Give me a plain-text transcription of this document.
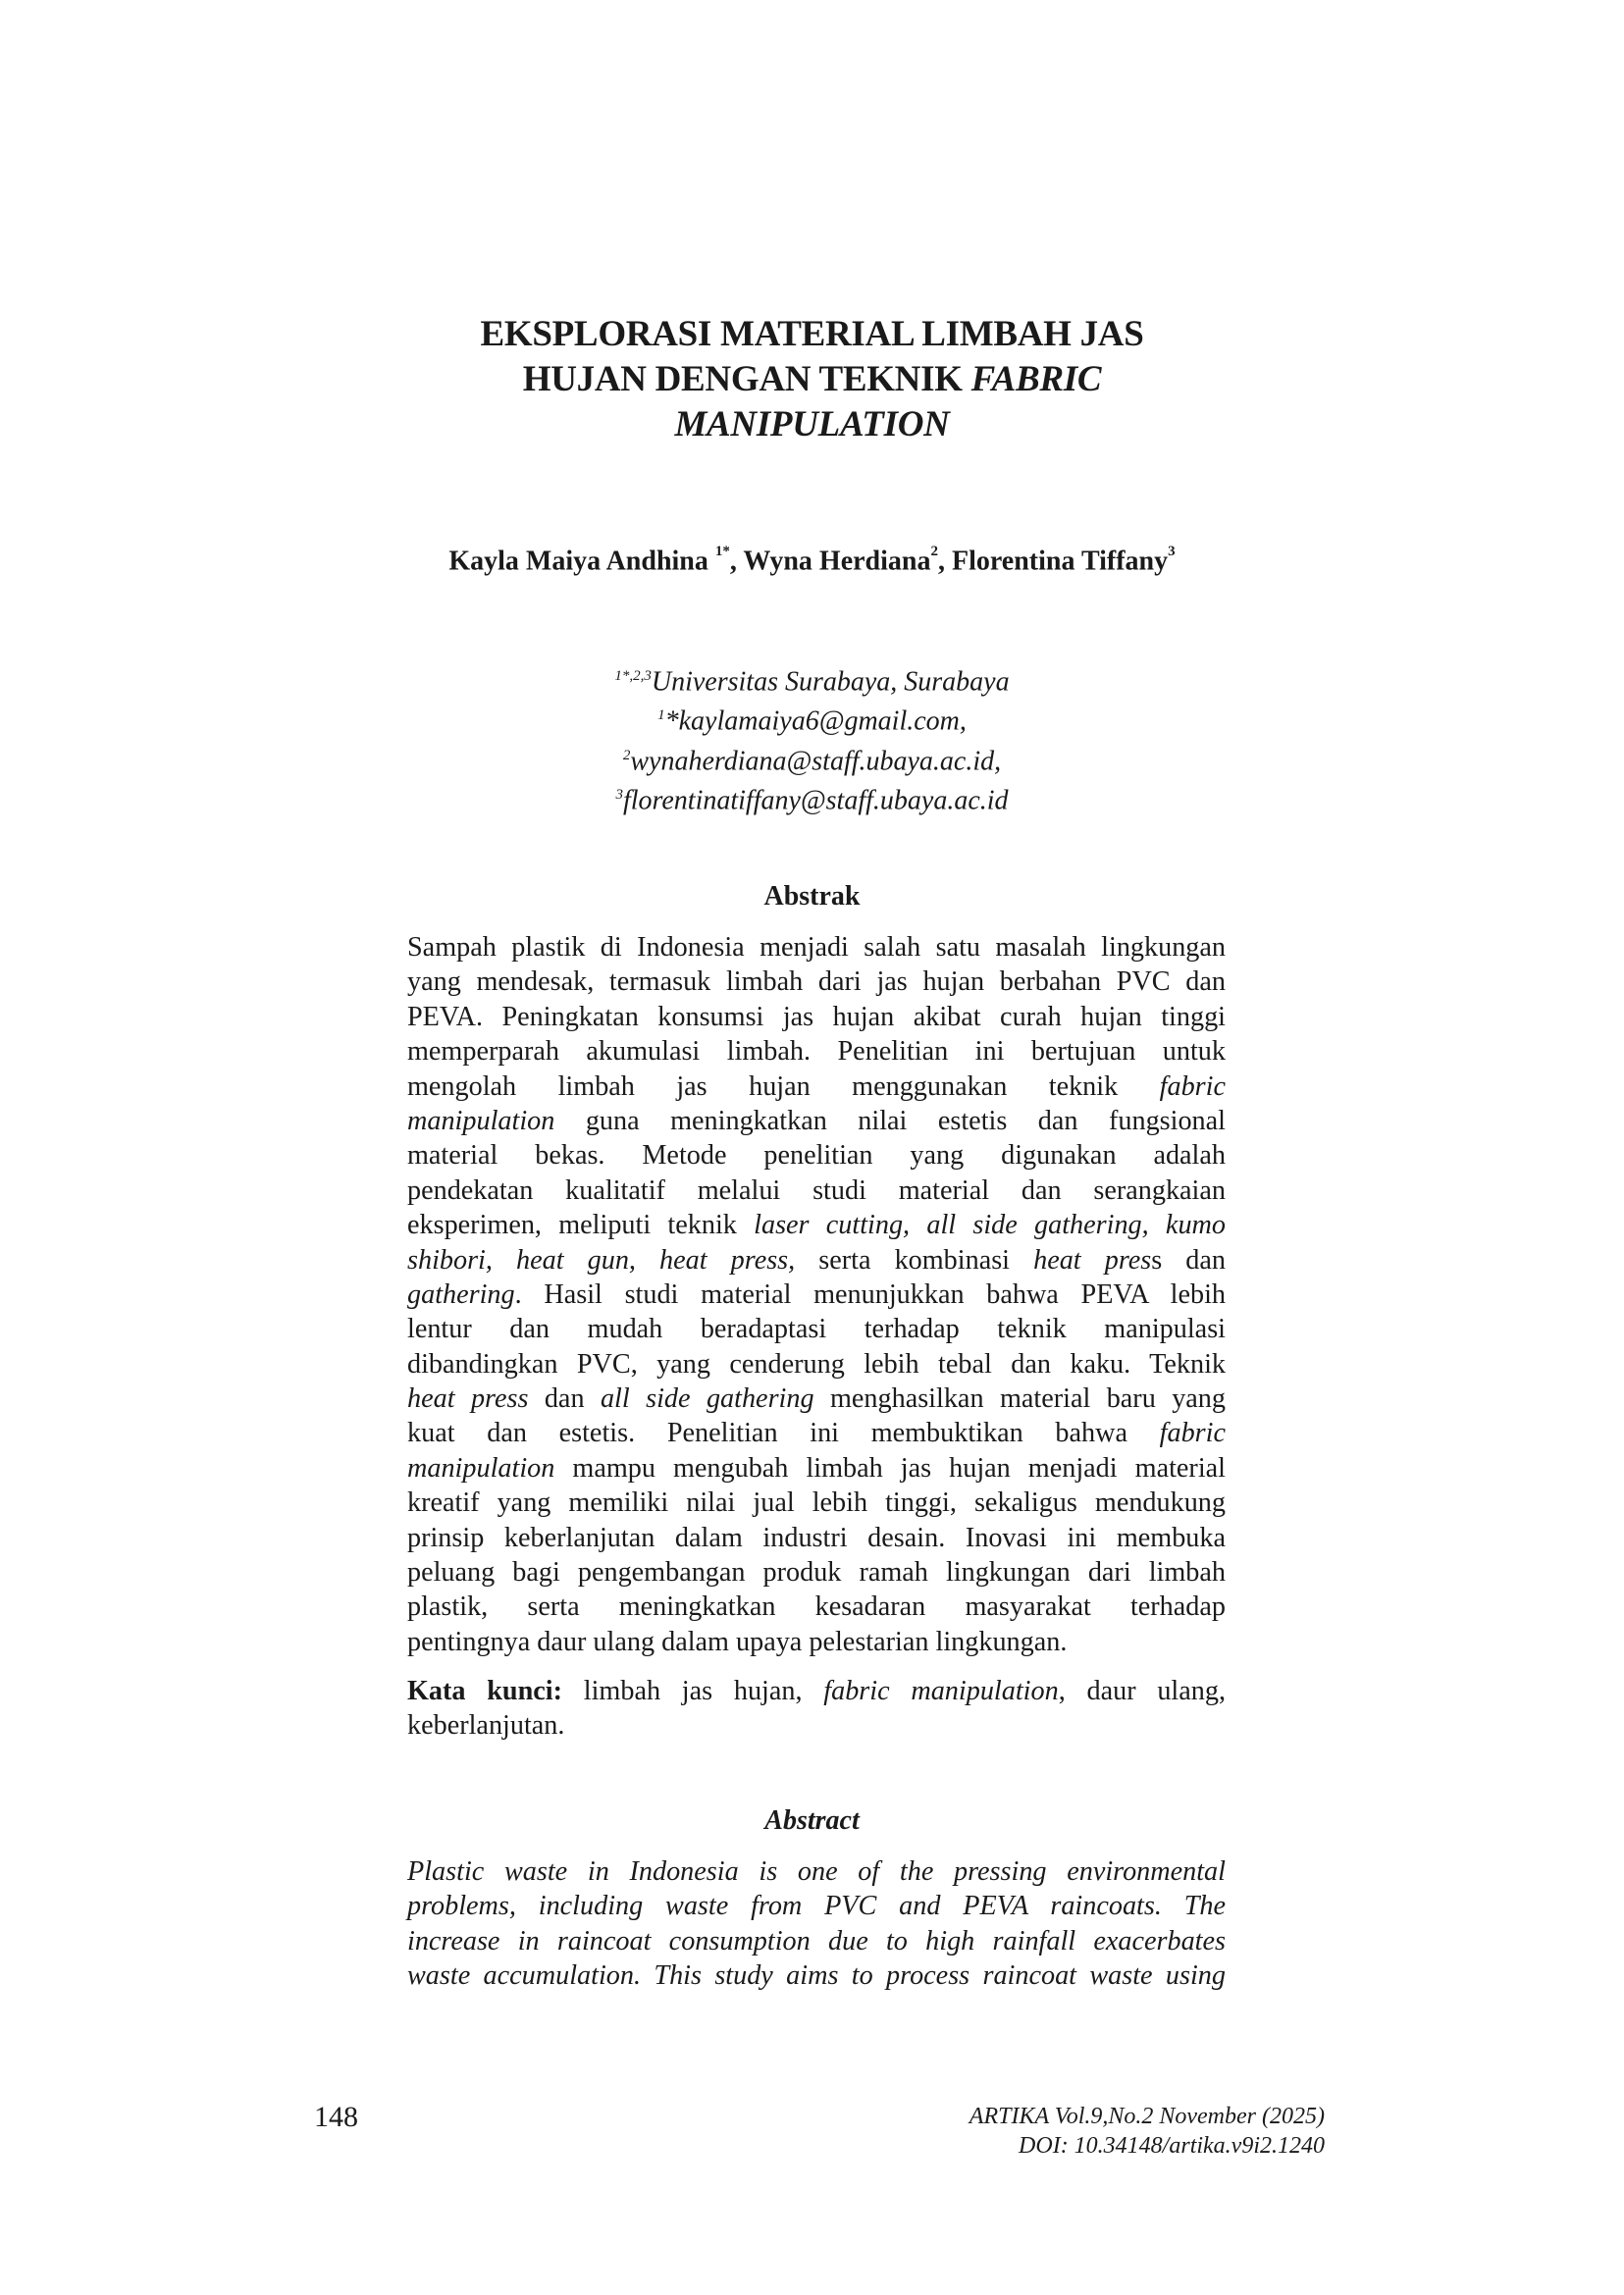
EKSPLORASI MATERIAL LIMBAH JAS
HUJAN DENGAN TEKNIK FABRIC
MANIPULATION
Kayla Maiya Andhina $^{1*}$, Wyna Herdiana$^2$, Florentina Tiffany$^3$
$^{1*,2,3}$Universitas Surabaya, Surabaya
$^1$*kaylamaiya6@gmail.com,
$^2$wynaherdiana@staff.ubaya.ac.id,
$^3$florentinatiffany@staff.ubaya.ac.id
Abstrak
Sampah plastik di Indonesia menjadi salah satu masalah lingkungan
yang mendesak, termasuk limbah dari jas hujan berbahan PVC dan
PEVA. Peningkatan konsumsi jas hujan akibat curah hujan tinggi
memperparah akumulasi limbah. Penelitian ini bertujuan untuk
mengolah limbah jas hujan menggunakan teknik fabric
manipulation guna meningkatkan nilai estetis dan fungsional
material bekas. Metode penelitian yang digunakan adalah
pendekatan kualitatif melalui studi material dan serangkaian
eksperimen, meliputi teknik laser cutting, all side gathering, kumo
shibori, heat gun, heat press, serta kombinasi heat press dan
gathering. Hasil studi material menunjukkan bahwa PEVA lebih
lentur dan mudah beradaptasi terhadap teknik manipulasi
dibandingkan PVC, yang cenderung lebih tebal dan kaku. Teknik
heat press dan all side gathering menghasilkan material baru yang
kuat dan estetis. Penelitian ini membuktikan bahwa fabric
manipulation mampu mengubah limbah jas hujan menjadi material
kreatif yang memiliki nilai jual lebih tinggi, sekaligus mendukung
prinsip keberlanjutan dalam industri desain. Inovasi ini membuka
peluang bagi pengembangan produk ramah lingkungan dari limbah
plastik, serta meningkatkan kesadaran masyarakat terhadap
pentingnya daur ulang dalam upaya pelestarian lingkungan.
Kata kunci: limbah jas hujan, fabric manipulation, daur ulang,
keberlanjutan.
Abstract
Plastic waste in Indonesia is one of the pressing environmental
problems, including waste from PVC and PEVA raincoats. The
increase in raincoat consumption due to high rainfall exacerbates
waste accumulation. This study aims to process raincoat waste using
148	ARTIKA Vol.9,No.2 November (2025)
DOI: 10.34148/artika.v9i2.1240
